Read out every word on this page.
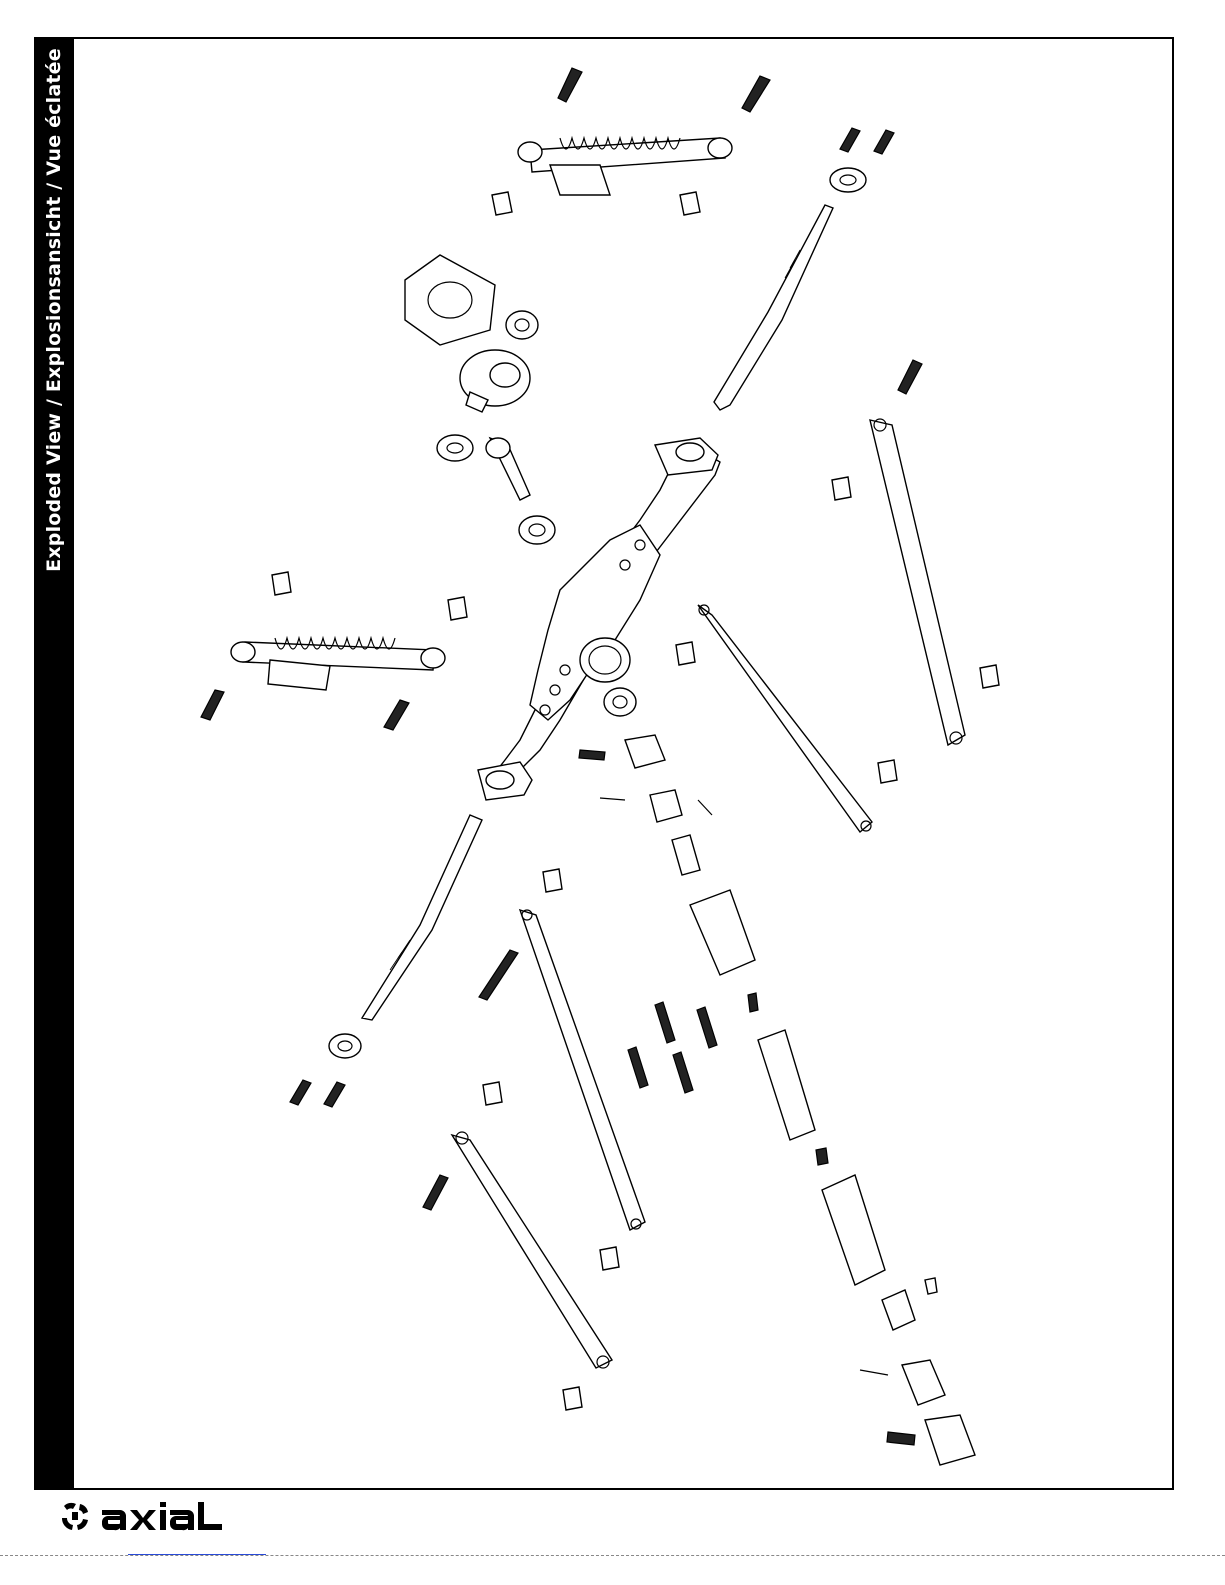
Exploded View / Explosionsansicht / Vue éclatée
